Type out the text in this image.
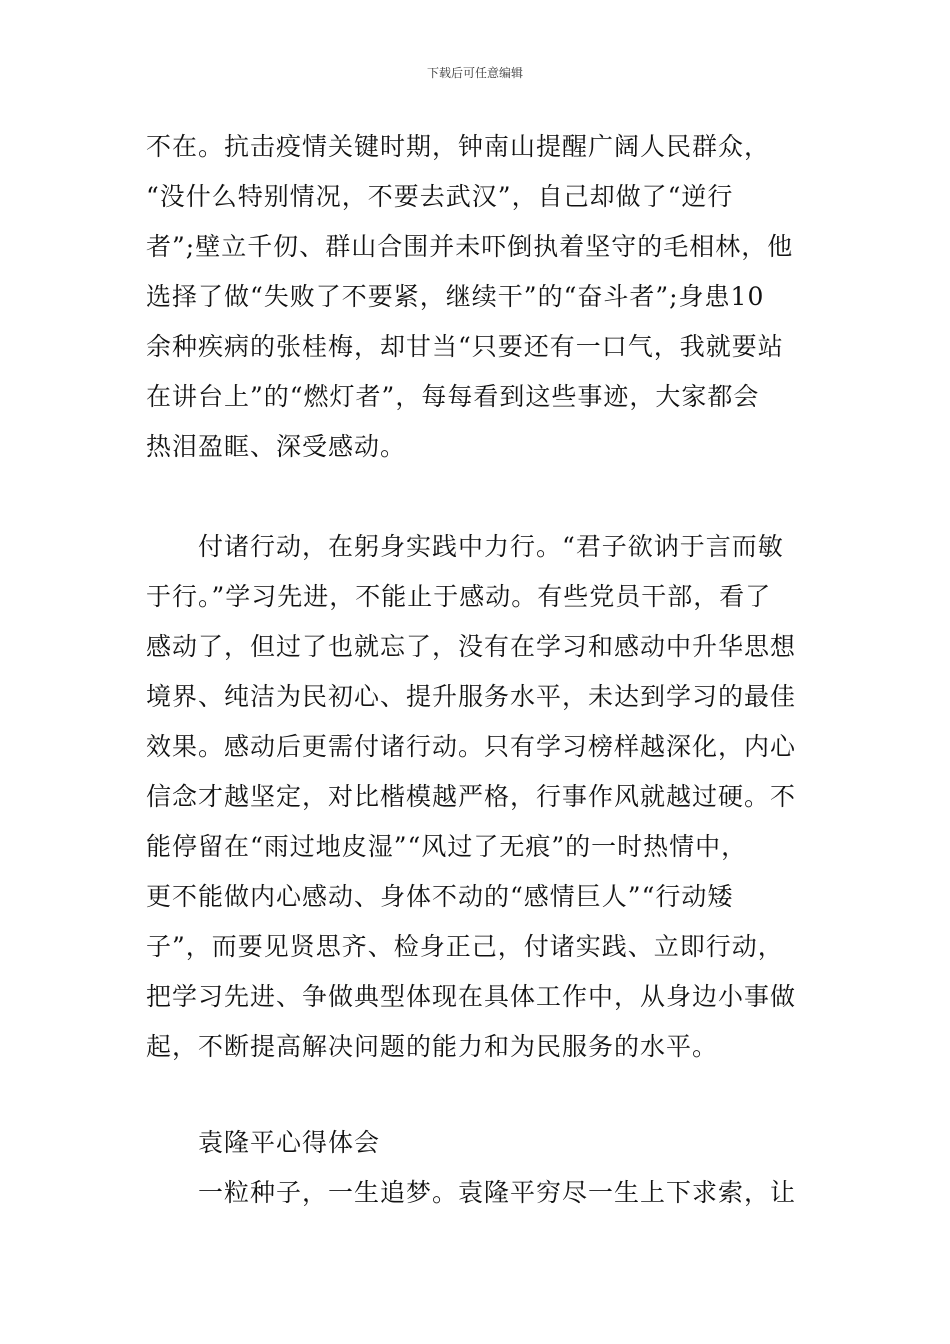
下载后可任意编辑
不在。抗击疫情关键时期，钟南山提醒广阔人民群众，
“没什么特别情况，不要去武汉”，自己却做了“逆行
者”;壁立千仞、群山合围并未吓倒执着坚守的毛相林，他
选择了做“失败了不要紧，继续干”的“奋斗者”;身患10
余种疾病的张桂梅，却甘当“只要还有一口气，我就要站
在讲台上”的“燃灯者”，每每看到这些事迹，大家都会
热泪盈眶、深受感动。
付诸行动，在躬身实践中力行。“君子欲讷于言而敏
于行。”学习先进，不能止于感动。有些党员干部，看了
感动了，但过了也就忘了，没有在学习和感动中升华思想
境界、纯洁为民初心、提升服务水平，未达到学习的最佳
效果。感动后更需付诸行动。只有学习榜样越深化，内心
信念才越坚定，对比楷模越严格，行事作风就越过硬。不
能停留在“雨过地皮湿”“风过了无痕”的一时热情中，
更不能做内心感动、身体不动的“感情巨人”“行动矮
子”，而要见贤思齐、检身正己，付诸实践、立即行动，
把学习先进、争做典型体现在具体工作中，从身边小事做
起，不断提高解决问题的能力和为民服务的水平。
袁隆平心得体会
一粒种子，一生追梦。袁隆平穷尽一生上下求索，让
